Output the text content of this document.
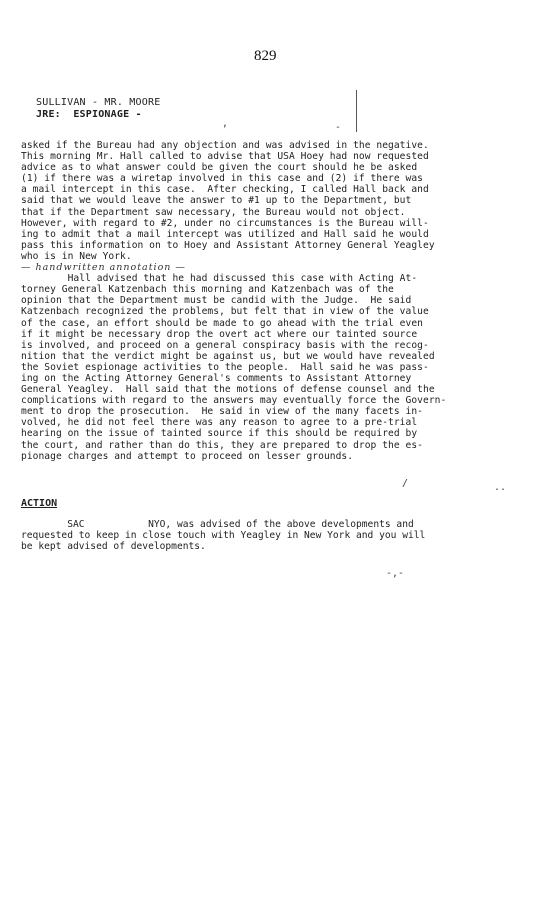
829
SULLIVAN - MR. MOORE
JRE:  ESPIONAGE -
,	-
asked if the Bureau had any objection and was advised in the negative.
This morning Mr. Hall called to advise that USA Hoey had now requested
advice as to what answer could be given the court should he be asked
(1) if there was a wiretap involved in this case and (2) if there was
a mail intercept in this case.  After checking, I called Hall back and
said that we would leave the answer to #1 up to the Department, but
that if the Department saw necessary, the Bureau would not object.
However, with regard to #2, under no circumstances is the Bureau will-
ing to admit that a mail intercept was utilized and Hall said he would
pass this information on to Hoey and Assistant Attorney General Yeagley
who is in New York.
— handwritten annotation —
Hall advised that he had discussed this case with Acting At-
torney General Katzenbach this morning and Katzenbach was of the
opinion that the Department must be candid with the Judge.  He said
Katzenbach recognized the problems, but felt that in view of the value
of the case, an effort should be made to go ahead with the trial even
if it might be necessary drop the overt act where our tainted source
is involved, and proceed on a general conspiracy basis with the recog-
nition that the verdict might be against us, but we would have revealed
the Soviet espionage activities to the people.  Hall said he was pass-
ing on the Acting Attorney General's comments to Assistant Attorney
General Yeagley.  Hall said that the motions of defense counsel and the
complications with regard to the answers may eventually force the Govern-
ment to drop the prosecution.  He said in view of the many facets in-
volved, he did not feel there was any reason to agree to a pre-trial
hearing on the issue of tainted source if this should be required by
the court, and rather than do this, they are prepared to drop the es-
pionage charges and attempt to proceed on lesser grounds.
/	..
ACTION
SAC           NYO, was advised of the above developments and
requested to keep in close touch with Yeagley in New York and you will
be kept advised of developments.
-,-
